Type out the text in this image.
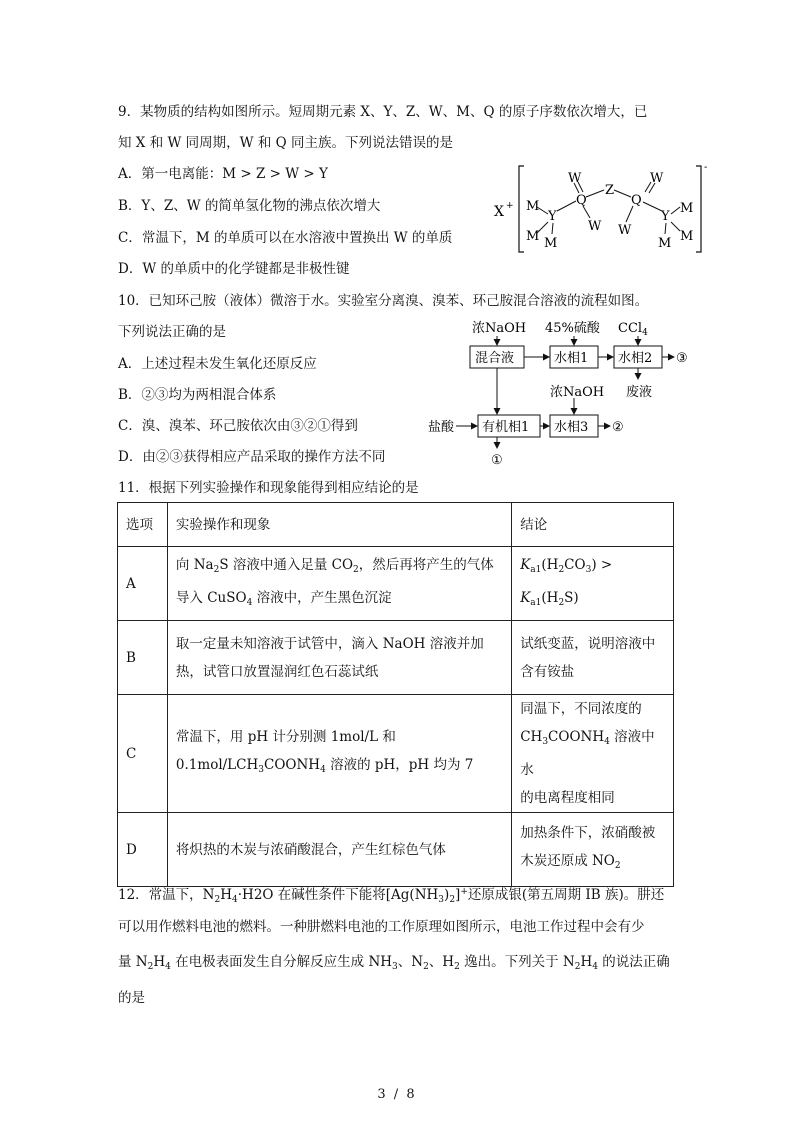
9．某物质的结构如图所示。短周期元素 X、Y、Z、W、M、Q 的原子序数依次增大，已
知 X 和 W 同周期，W 和 Q 同主族。下列说法错误的是
A．第一电离能：M > Z > W > Y
B．Y、Z、W 的简单氢化物的沸点依次增大
C．常温下，M 的单质可以在水溶液中置换出 W 的单质
D．W 的单质中的化学键都是非极性键
X +
-
M
M M
Y
Q
W
W
Z
Q
W
W
Y
M
M
M
10．已知环己胺（液体）微溶于水。实验室分离溴、溴苯、环己胺混合溶液的流程如图。
下列说法正确的是
A．上述过程未发生氧化还原反应
B．②③均为两相混合体系
C．溴、溴苯、环己胺依次由③②①得到
D．由②③获得相应产品采取的操作方法不同
浓NaOH 45%硫酸 CCl$_4$
混合液	水相1 水相2 ③
废液
浓NaOH
盐酸 有机相1 水相3 ②
①
11．根据下列实验操作和现象能得到相应结论的是
选项	实验操作和现象	结论
A	向 $Na_2S$ 溶液中通入足量 $CO_2$，然后再将产生的气体
导入 CuSO$_4$ 溶液中，产生黑色沉淀	$K_{a1}(H_2CO_3) > K_{a1}(H_2S)$
B	取一定量未知溶液于试管中，滴入 NaOH 溶液并加
热，试管口放置湿润红色石蕊试纸	试纸变蓝，说明溶液中
含有铵盐
C	常温下，用 pH 计分别测 1mol/L 和
$0.1mol/LCH_3COONH_4$ 溶液的 pH，pH 均为 7	同温下，不同浓度的
$CH_3COONH_4$ 溶液中水
的电离程度相同
D	将炽热的木炭与浓硝酸混合，产生红棕色气体	加热条件下，浓硝酸被
木炭还原成 $NO_2$
12．常温下，$N_2H_4\cdot H2O$ 在碱性条件下能将$[Ag(NH_3)_2]^+$还原成银(第五周期 IB 族)。肼还
可以用作燃料电池的燃料。一种肼燃料电池的工作原理如图所示，电池工作过程中会有少
量 $N_2H_4$ 在电极表面发生自分解反应生成 $NH_3$、$N_2$、$H_2$ 逸出。下列关于 $N_2H_4$ 的说法正确
的是
3 / 8
